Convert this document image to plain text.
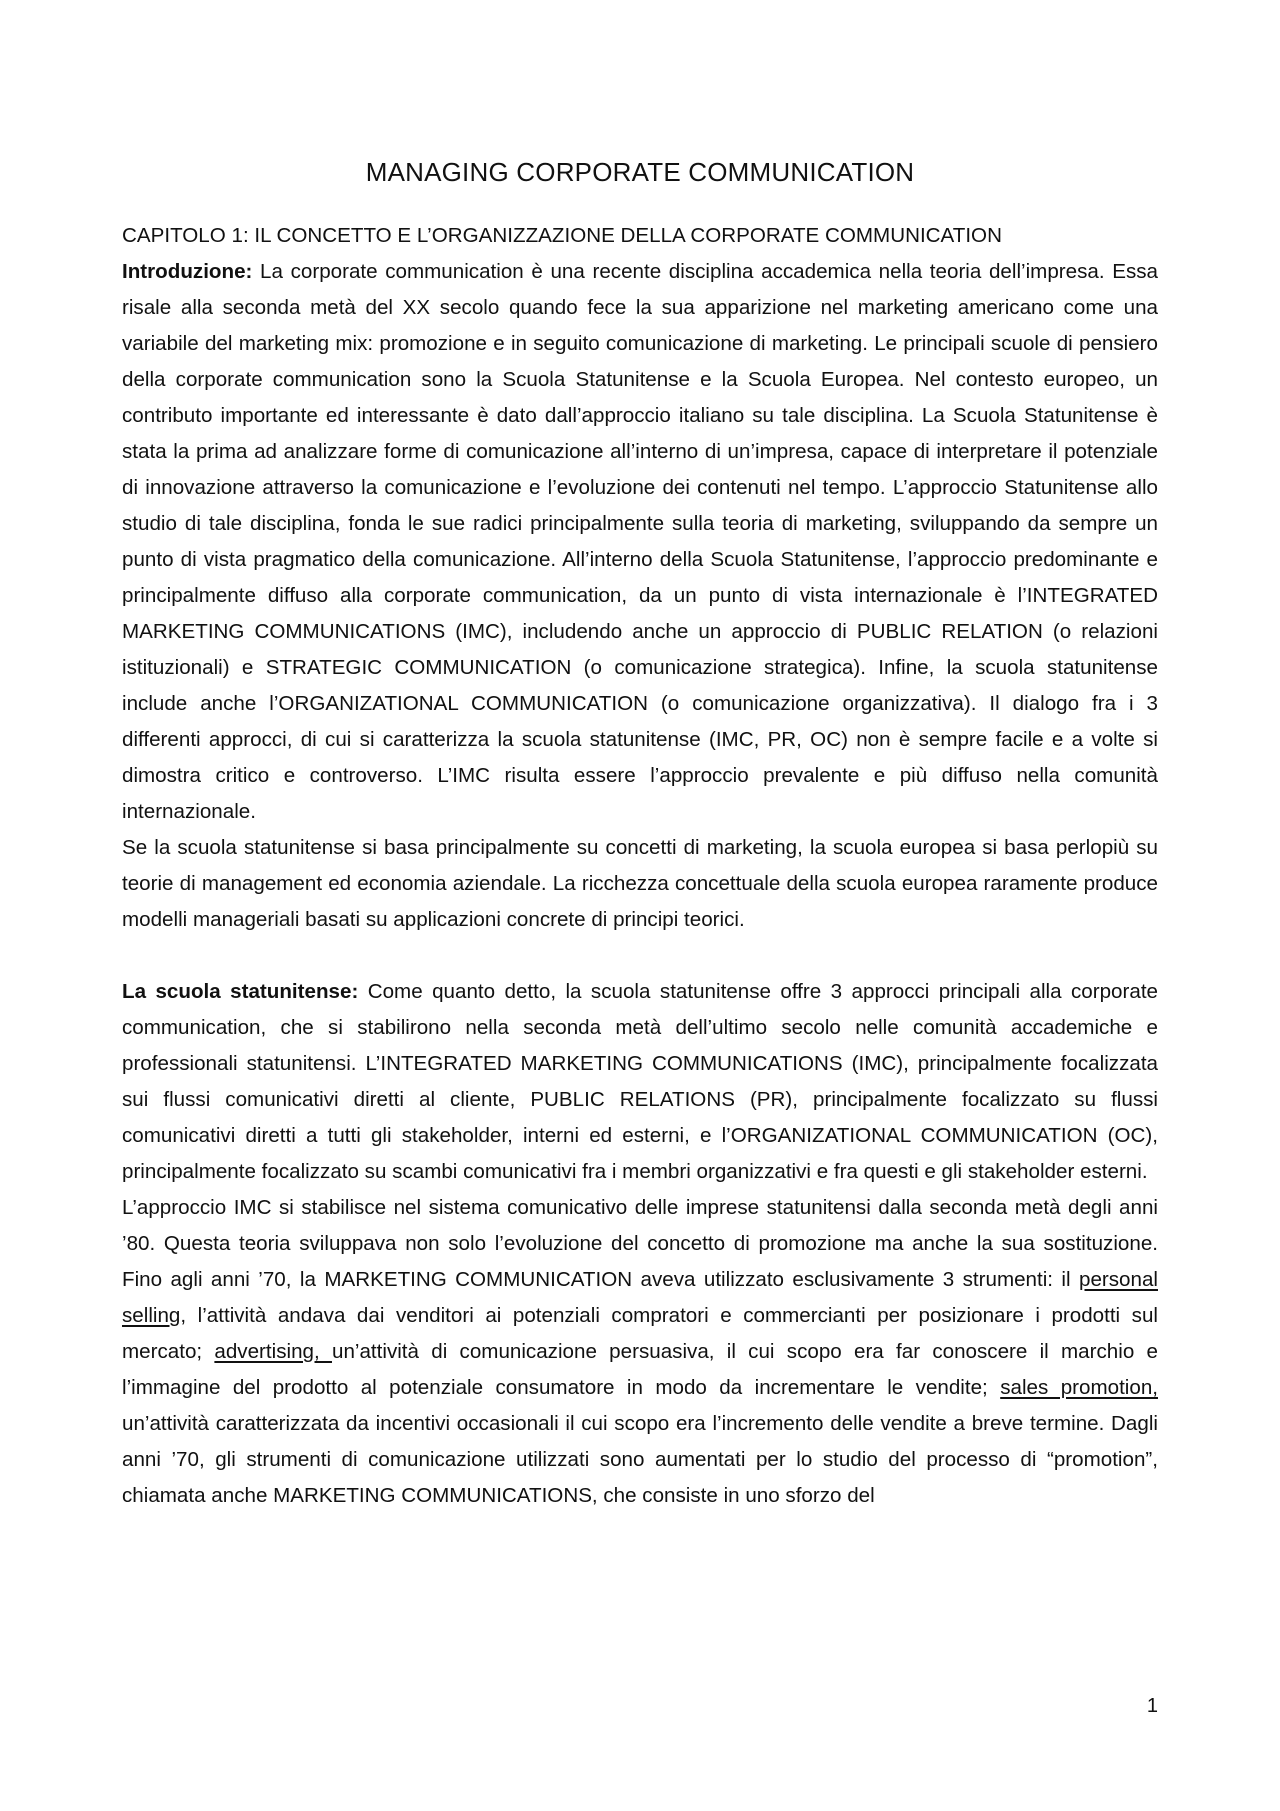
MANAGING CORPORATE COMMUNICATION

CAPITOLO 1: IL CONCETTO E L’ORGANIZZAZIONE DELLA CORPORATE COMMUNICATION

Introduzione: La corporate communication è una recente disciplina accademica nella teoria dell’impresa. Essa risale alla seconda metà del XX secolo quando fece la sua apparizione nel marketing americano come una variabile del marketing mix: promozione e in seguito comunicazione di marketing. Le principali scuole di pensiero della corporate communication sono la Scuola Statunitense e la Scuola Europea. Nel contesto europeo, un contributo importante ed interessante è dato dall’approccio italiano su tale disciplina. La Scuola Statunitense è stata la prima ad analizzare forme di comunicazione all’interno di un’impresa, capace di interpretare il potenziale di innovazione attraverso la comunicazione e l’evoluzione dei contenuti nel tempo. L’approccio Statunitense allo studio di tale disciplina, fonda le sue radici principalmente sulla teoria di marketing, sviluppando da sempre un punto di vista pragmatico della comunicazione. All’interno della Scuola Statunitense, l’approccio predominante e principalmente diffuso alla corporate communication, da un punto di vista internazionale è l’INTEGRATED MARKETING COMMUNICATIONS (IMC), includendo anche un approccio di PUBLIC RELATION (o relazioni istituzionali) e STRATEGIC COMMUNICATION (o comunicazione strategica). Infine, la scuola statunitense include anche l’ORGANIZATIONAL COMMUNICATION (o comunicazione organizzativa). Il dialogo fra i 3 differenti approcci, di cui si caratterizza la scuola statunitense (IMC, PR, OC) non è sempre facile e a volte si dimostra critico e controverso. L’IMC risulta essere l’approccio prevalente e più diffuso nella comunità internazionale.

Se la scuola statunitense si basa principalmente su concetti di marketing, la scuola europea si basa perlopiù su teorie di management ed economia aziendale. La ricchezza concettuale della scuola europea raramente produce modelli manageriali basati su applicazioni concrete di principi teorici.

La scuola statunitense: Come quanto detto, la scuola statunitense offre 3 approcci principali alla corporate communication, che si stabilirono nella seconda metà dell’ultimo secolo nelle comunità accademiche e professionali statunitensi. L’INTEGRATED MARKETING COMMUNICATIONS (IMC), principalmente focalizzata sui flussi comunicativi diretti al cliente, PUBLIC RELATIONS (PR), principalmente focalizzato su flussi comunicativi diretti a tutti gli stakeholder, interni ed esterni, e l’ORGANIZATIONAL COMMUNICATION (OC), principalmente focalizzato su scambi comunicativi fra i membri organizzativi e fra questi e gli stakeholder esterni.

L’approccio IMC si stabilisce nel sistema comunicativo delle imprese statunitensi dalla seconda metà degli anni ’80. Questa teoria sviluppava non solo l’evoluzione del concetto di promozione ma anche la sua sostituzione. Fino agli anni ’70, la MARKETING COMMUNICATION aveva utilizzato esclusivamente 3 strumenti: il personal selling, l’attività andava dai venditori ai potenziali compratori e commercianti per posizionare i prodotti sul mercato; advertising, un’attività di comunicazione persuasiva, il cui scopo era far conoscere il marchio e l’immagine del prodotto al potenziale consumatore in modo da incrementare le vendite; sales promotion, un’attività caratterizzata da incentivi occasionali il cui scopo era l’incremento delle vendite a breve termine. Dagli anni ’70, gli strumenti di comunicazione utilizzati sono aumentati per lo studio del processo di “promotion”, chiamata anche MARKETING COMMUNICATIONS, che consiste in uno sforzo del

1
